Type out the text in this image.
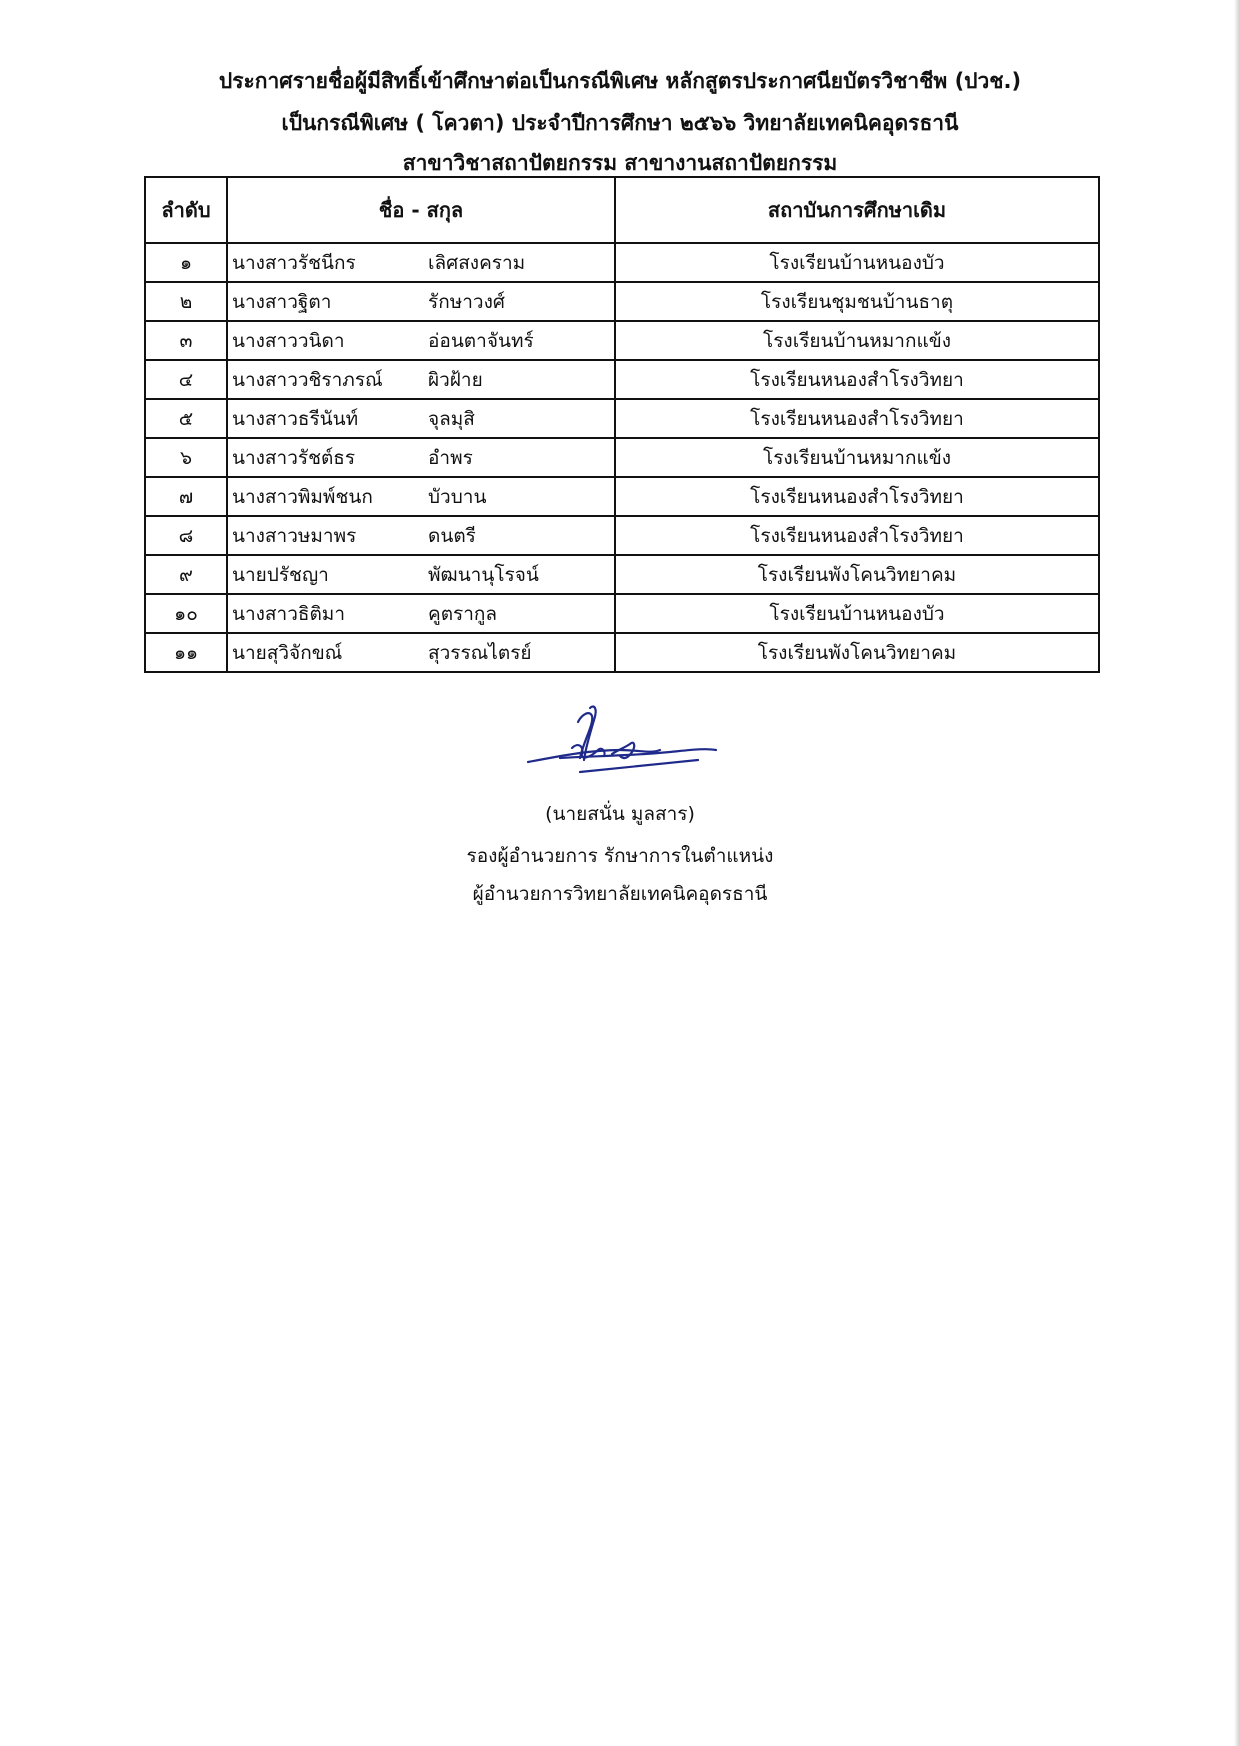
ประกาศรายชื่อผู้มีสิทธิ์เข้าศึกษาต่อเป็นกรณีพิเศษ หลักสูตรประกาศนียบัตรวิชาชีพ (ปวช.)
เป็นกรณีพิเศษ ( โควตา) ประจำปีการศึกษา ๒๕๖๖ วิทยาลัยเทคนิคอุดรธานี
สาขาวิชาสถาปัตยกรรม สาขางานสถาปัตยกรรม
ลำดับ	ชื่อ - สกุล	สถาบันการศึกษาเดิม
๑	นางสาวรัชนีกร เลิศสงคราม	โรงเรียนบ้านหนองบัว
๒	นางสาวฐิตา รักษาวงศ์	โรงเรียนชุมชนบ้านธาตุ
๓	นางสาววนิดา อ่อนตาจันทร์	โรงเรียนบ้านหมากแข้ง
๔	นางสาววชิราภรณ์ ผิวฝ้าย	โรงเรียนหนองสำโรงวิทยา
๕	นางสาวธรีนันท์ จุลมุสิ	โรงเรียนหนองสำโรงวิทยา
๖	นางสาวรัชต์ธร อำพร	โรงเรียนบ้านหมากแข้ง
๗	นางสาวพิมพ์ชนก บัวบาน	โรงเรียนหนองสำโรงวิทยา
๘	นางสาวษมาพร ดนตรี	โรงเรียนหนองสำโรงวิทยา
๙	นายปรัชญา พัฒนานุโรจน์	โรงเรียนพังโคนวิทยาคม
๑๐	นางสาวธิติมา คูตรากูล	โรงเรียนบ้านหนองบัว
๑๑	นายสุวิจักขณ์ สุวรรณไตรย์	โรงเรียนพังโคนวิทยาคม
(นายสนั่น มูลสาร)
รองผู้อำนวยการ รักษาการในตำแหน่ง
ผู้อำนวยการวิทยาลัยเทคนิคอุดรธานี
